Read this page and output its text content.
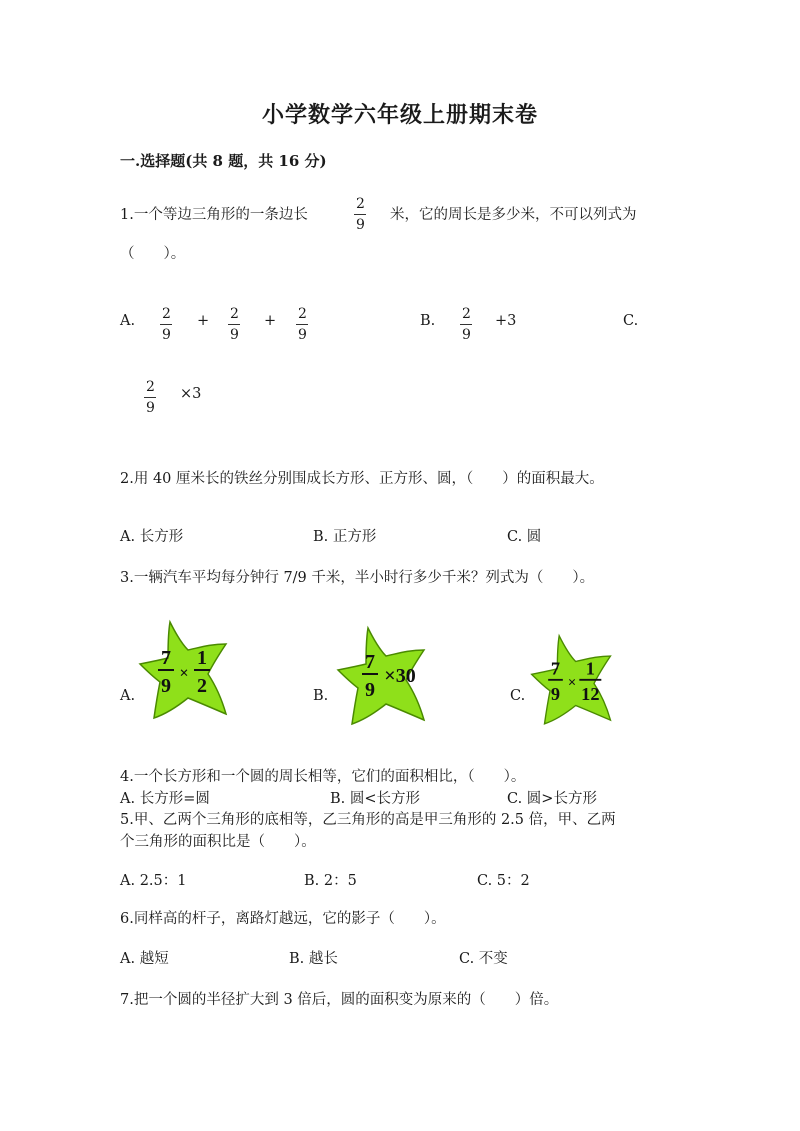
小学数学六年级上册期末卷
一.选择题(共 8 题，共 16 分)
1.一个等边三角形的一条边长
2
9
米，它的周长是多少米，不可以列式为
（　　）。
A. 2
9
+ 2
9
+ 2
9
B. 2
9
+3	C.
2
9
×3
2.用 40 厘米长的铁丝分别围成长方形、正方形、圆，（　　）的面积最大。
A. 长方形	B. 正方形	C. 圆
3.一辆汽车平均每分钟行 7/9 千米，半小时行多少千米？列式为（　　）。
A.	B.	C.
7
9
×
1
2
7
9
×30	7
9
×
1
12
4.一个长方形和一个圆的周长相等，它们的面积相比，（　　）。
A. 长方形=圆	B. 圆<长方形	C. 圆>长方形
5.甲、乙两个三角形的底相等，乙三角形的高是甲三角形的 2.5 倍，甲、乙两
个三角形的面积比是（　　）。
A. 2.5：1	B. 2：5	C. 5：2
6.同样高的杆子，离路灯越远，它的影子（　　）。
A. 越短	B. 越长	C. 不变
7.把一个圆的半径扩大到 3 倍后，圆的面积变为原来的（　　）倍。
